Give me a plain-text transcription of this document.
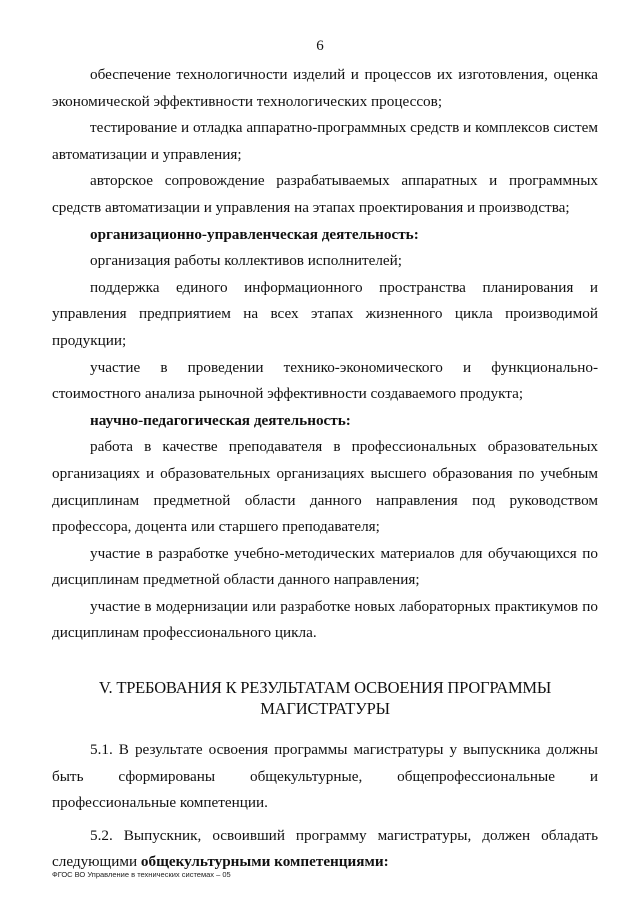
6

обеспечение технологичности изделий и процессов их изготовления, оценка экономической эффективности технологических процессов;

тестирование и отладка аппаратно-программных средств и комплексов систем автоматизации и управления;

авторское сопровождение разрабатываемых аппаратных и программных средств автоматизации и управления на этапах проектирования и производства;

организационно-управленческая деятельность:

организация работы коллективов исполнителей;

поддержка единого информационного пространства планирования и управления предприятием на всех этапах жизненного цикла производимой продукции;

участие в проведении технико-экономического и функционально-стоимостного анализа рыночной эффективности создаваемого продукта;

научно-педагогическая деятельность:

работа в качестве преподавателя в профессиональных образовательных организациях и образовательных организациях высшего образования по учебным дисциплинам предметной области данного направления под руководством профессора, доцента или старшего преподавателя;

участие в разработке учебно-методических материалов для обучающихся по дисциплинам предметной области данного направления;

участие в модернизации или разработке новых лабораторных практикумов по дисциплинам профессионального цикла.

V. ТРЕБОВАНИЯ К РЕЗУЛЬТАТАМ ОСВОЕНИЯ ПРОГРАММЫ
МАГИСТРАТУРЫ

5.1. В результате освоения программы магистратуры у выпускника должны быть сформированы общекультурные, общепрофессиональные и профессиональные компетенции.

5.2. Выпускник, освоивший программу магистратуры, должен обладать следующими общекультурными компетенциями:

ФГОС ВО Управление в технических системах – 05
